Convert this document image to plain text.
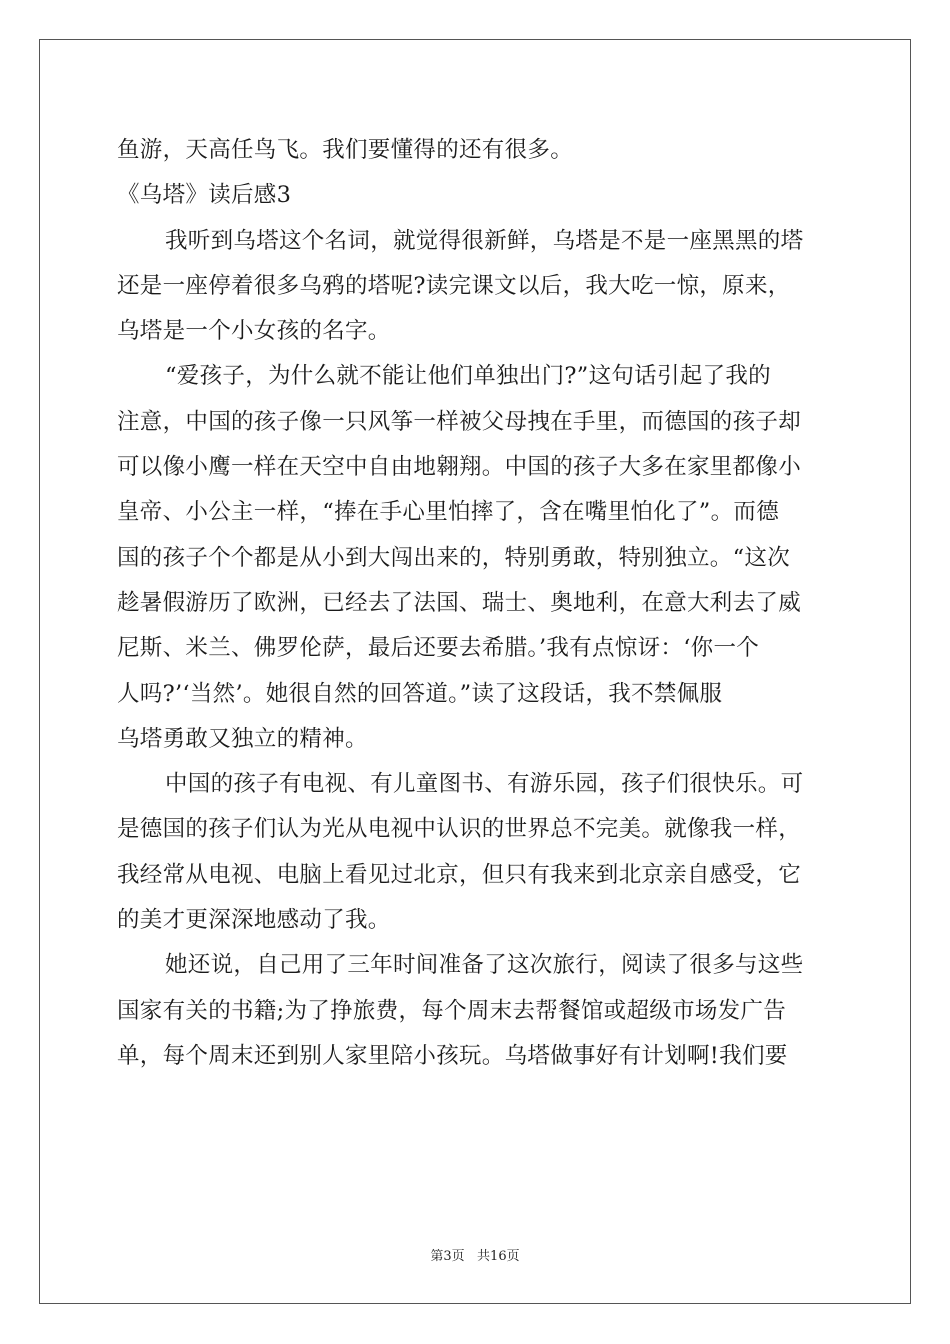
鱼游，天高任鸟飞。我们要懂得的还有很多。
《乌塔》读后感3
我听到乌塔这个名词，就觉得很新鲜，乌塔是不是一座黑黑的塔
还是一座停着很多乌鸦的塔呢?读完课文以后，我大吃一惊，原来，
乌塔是一个小女孩的名字。
“爱孩子，为什么就不能让他们单独出门?”这句话引起了我的
注意，中国的孩子像一只风筝一样被父母拽在手里，而德国的孩子却
可以像小鹰一样在天空中自由地翱翔。中国的孩子大多在家里都像小
皇帝、小公主一样，“捧在手心里怕摔了，含在嘴里怕化了”。而德
国的孩子个个都是从小到大闯出来的，特别勇敢，特别独立。“这次
趁暑假游历了欧洲，已经去了法国、瑞士、奥地利，在意大利去了威
尼斯、米兰、佛罗伦萨，最后还要去希腊。’我有点惊讶：‘你一个
人吗?’‘当然’。她很自然的回答道。”读了这段话，我不禁佩服
乌塔勇敢又独立的精神。
中国的孩子有电视、有儿童图书、有游乐园，孩子们很快乐。可
是德国的孩子们认为光从电视中认识的世界总不完美。就像我一样，
我经常从电视、电脑上看见过北京，但只有我来到北京亲自感受，它
的美才更深深地感动了我。
她还说，自己用了三年时间准备了这次旅行，阅读了很多与这些
国家有关的书籍;为了挣旅费，每个周末去帮餐馆或超级市场发广告
单，每个周末还到别人家里陪小孩玩。乌塔做事好有计划啊!我们要
第3页   共16页
